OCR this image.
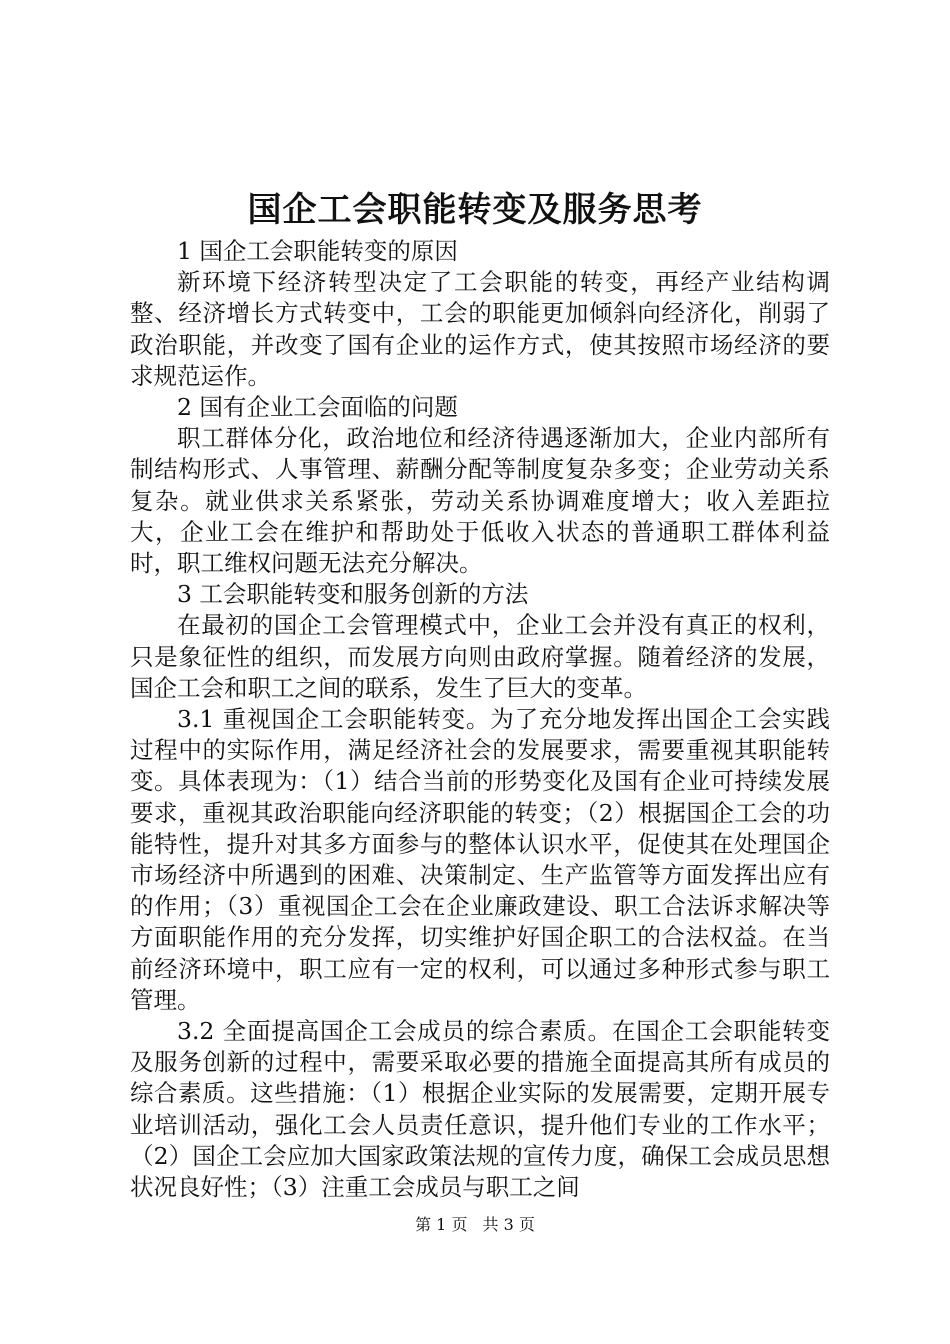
国企工会职能转变及服务思考

1 国企工会职能转变的原因

新环境下经济转型决定了工会职能的转变，再经产业结构调整、经济增长方式转变中，工会的职能更加倾斜向经济化，削弱了政治职能，并改变了国有企业的运作方式，使其按照市场经济的要求规范运作。

2 国有企业工会面临的问题

职工群体分化，政治地位和经济待遇逐渐加大，企业内部所有制结构形式、人事管理、薪酬分配等制度复杂多变；企业劳动关系复杂。就业供求关系紧张，劳动关系协调难度增大；收入差距拉大，企业工会在维护和帮助处于低收入状态的普通职工群体利益时，职工维权问题无法充分解决。

3 工会职能转变和服务创新的方法

在最初的国企工会管理模式中，企业工会并没有真正的权利，只是象征性的组织，而发展方向则由政府掌握。随着经济的发展，国企工会和职工之间的联系，发生了巨大的变革。

3.1 重视国企工会职能转变。为了充分地发挥出国企工会实践过程中的实际作用，满足经济社会的发展要求，需要重视其职能转变。具体表现为：（1）结合当前的形势变化及国有企业可持续发展要求，重视其政治职能向经济职能的转变；（2）根据国企工会的功能特性，提升对其多方面参与的整体认识水平，促使其在处理国企市场经济中所遇到的困难、决策制定、生产监管等方面发挥出应有的作用；（3）重视国企工会在企业廉政建设、职工合法诉求解决等方面职能作用的充分发挥，切实维护好国企职工的合法权益。在当前经济环境中，职工应有一定的权利，可以通过多种形式参与职工管理。

3.2 全面提高国企工会成员的综合素质。在国企工会职能转变及服务创新的过程中，需要采取必要的措施全面提高其所有成员的综合素质。这些措施：（1）根据企业实际的发展需要，定期开展专业培训活动，强化工会人员责任意识，提升他们专业的工作水平；（2）国企工会应加大国家政策法规的宣传力度，确保工会成员思想状况良好性；（3）注重工会成员与职工之间

第 1 页 共 3 页
